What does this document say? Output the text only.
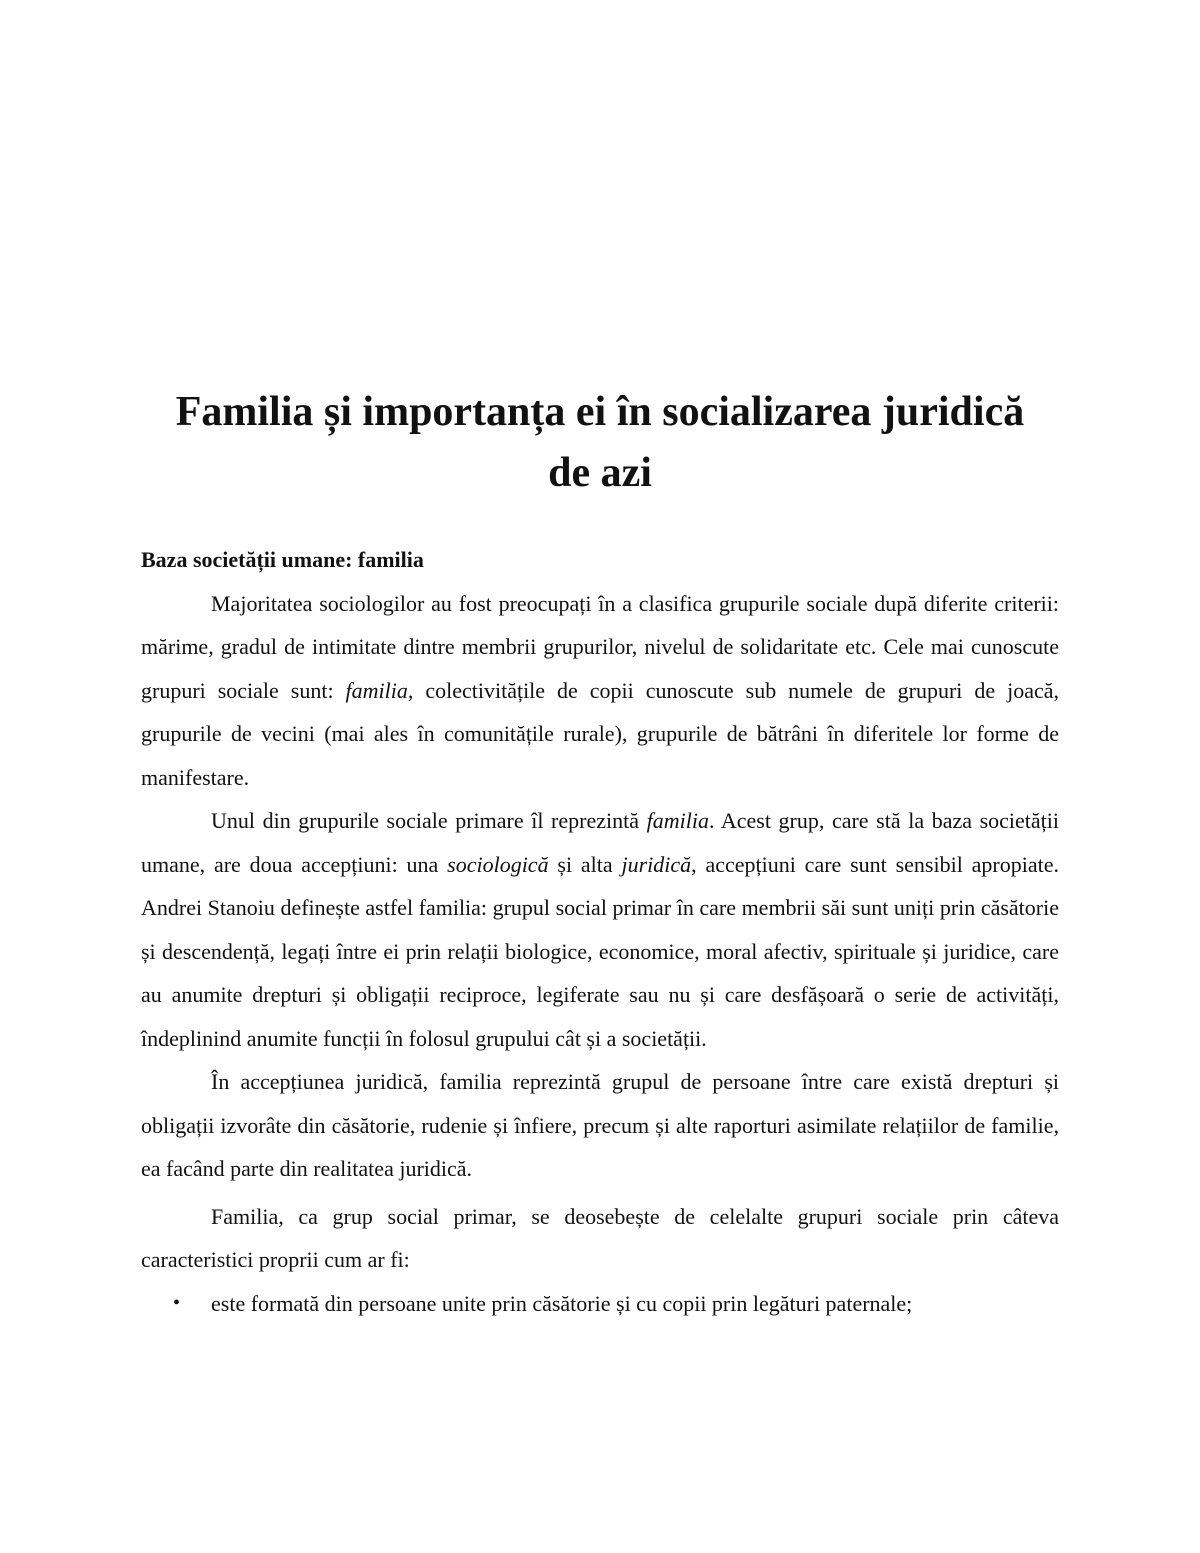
Familia și importanța ei în socializarea juridică
de azi

Baza societății umane: familia

Majoritatea sociologilor au fost preocupați în a clasifica grupurile sociale după diferite criterii: mărime, gradul de intimitate dintre membrii grupurilor, nivelul de solidaritate etc. Cele mai cunoscute grupuri sociale sunt: familia, colectivitățile de copii cunoscute sub numele de grupuri de joacă, grupurile de vecini (mai ales în comunitățile rurale), grupurile de bătrâni în diferitele lor forme de manifestare.

Unul din grupurile sociale primare îl reprezintă familia. Acest grup, care stă la baza societății umane, are doua accepțiuni: una sociologică și alta juridică, accepțiuni care sunt sensibil apropiate. Andrei Stanoiu definește astfel familia: grupul social primar în care membrii săi sunt uniți prin căsătorie și descendență, legați între ei prin relații biologice, economice, moral afectiv, spirituale și juridice, care au anumite drepturi și obligații reciproce, legiferate sau nu și care desfășoară o serie de activități, îndeplinind anumite funcții în folosul grupului cât și a societății.

În accepțiunea juridică, familia reprezintă grupul de persoane între care există drepturi și obligații izvorâte din căsătorie, rudenie și înfiere, precum și alte raporturi asimilate relațiilor de familie, ea facând parte din realitatea juridică.

Familia, ca grup social primar, se deosebește de celelalte grupuri sociale prin câteva caracteristici proprii cum ar fi:

• este formată din persoane unite prin căsătorie și cu copii prin legături paternale;
